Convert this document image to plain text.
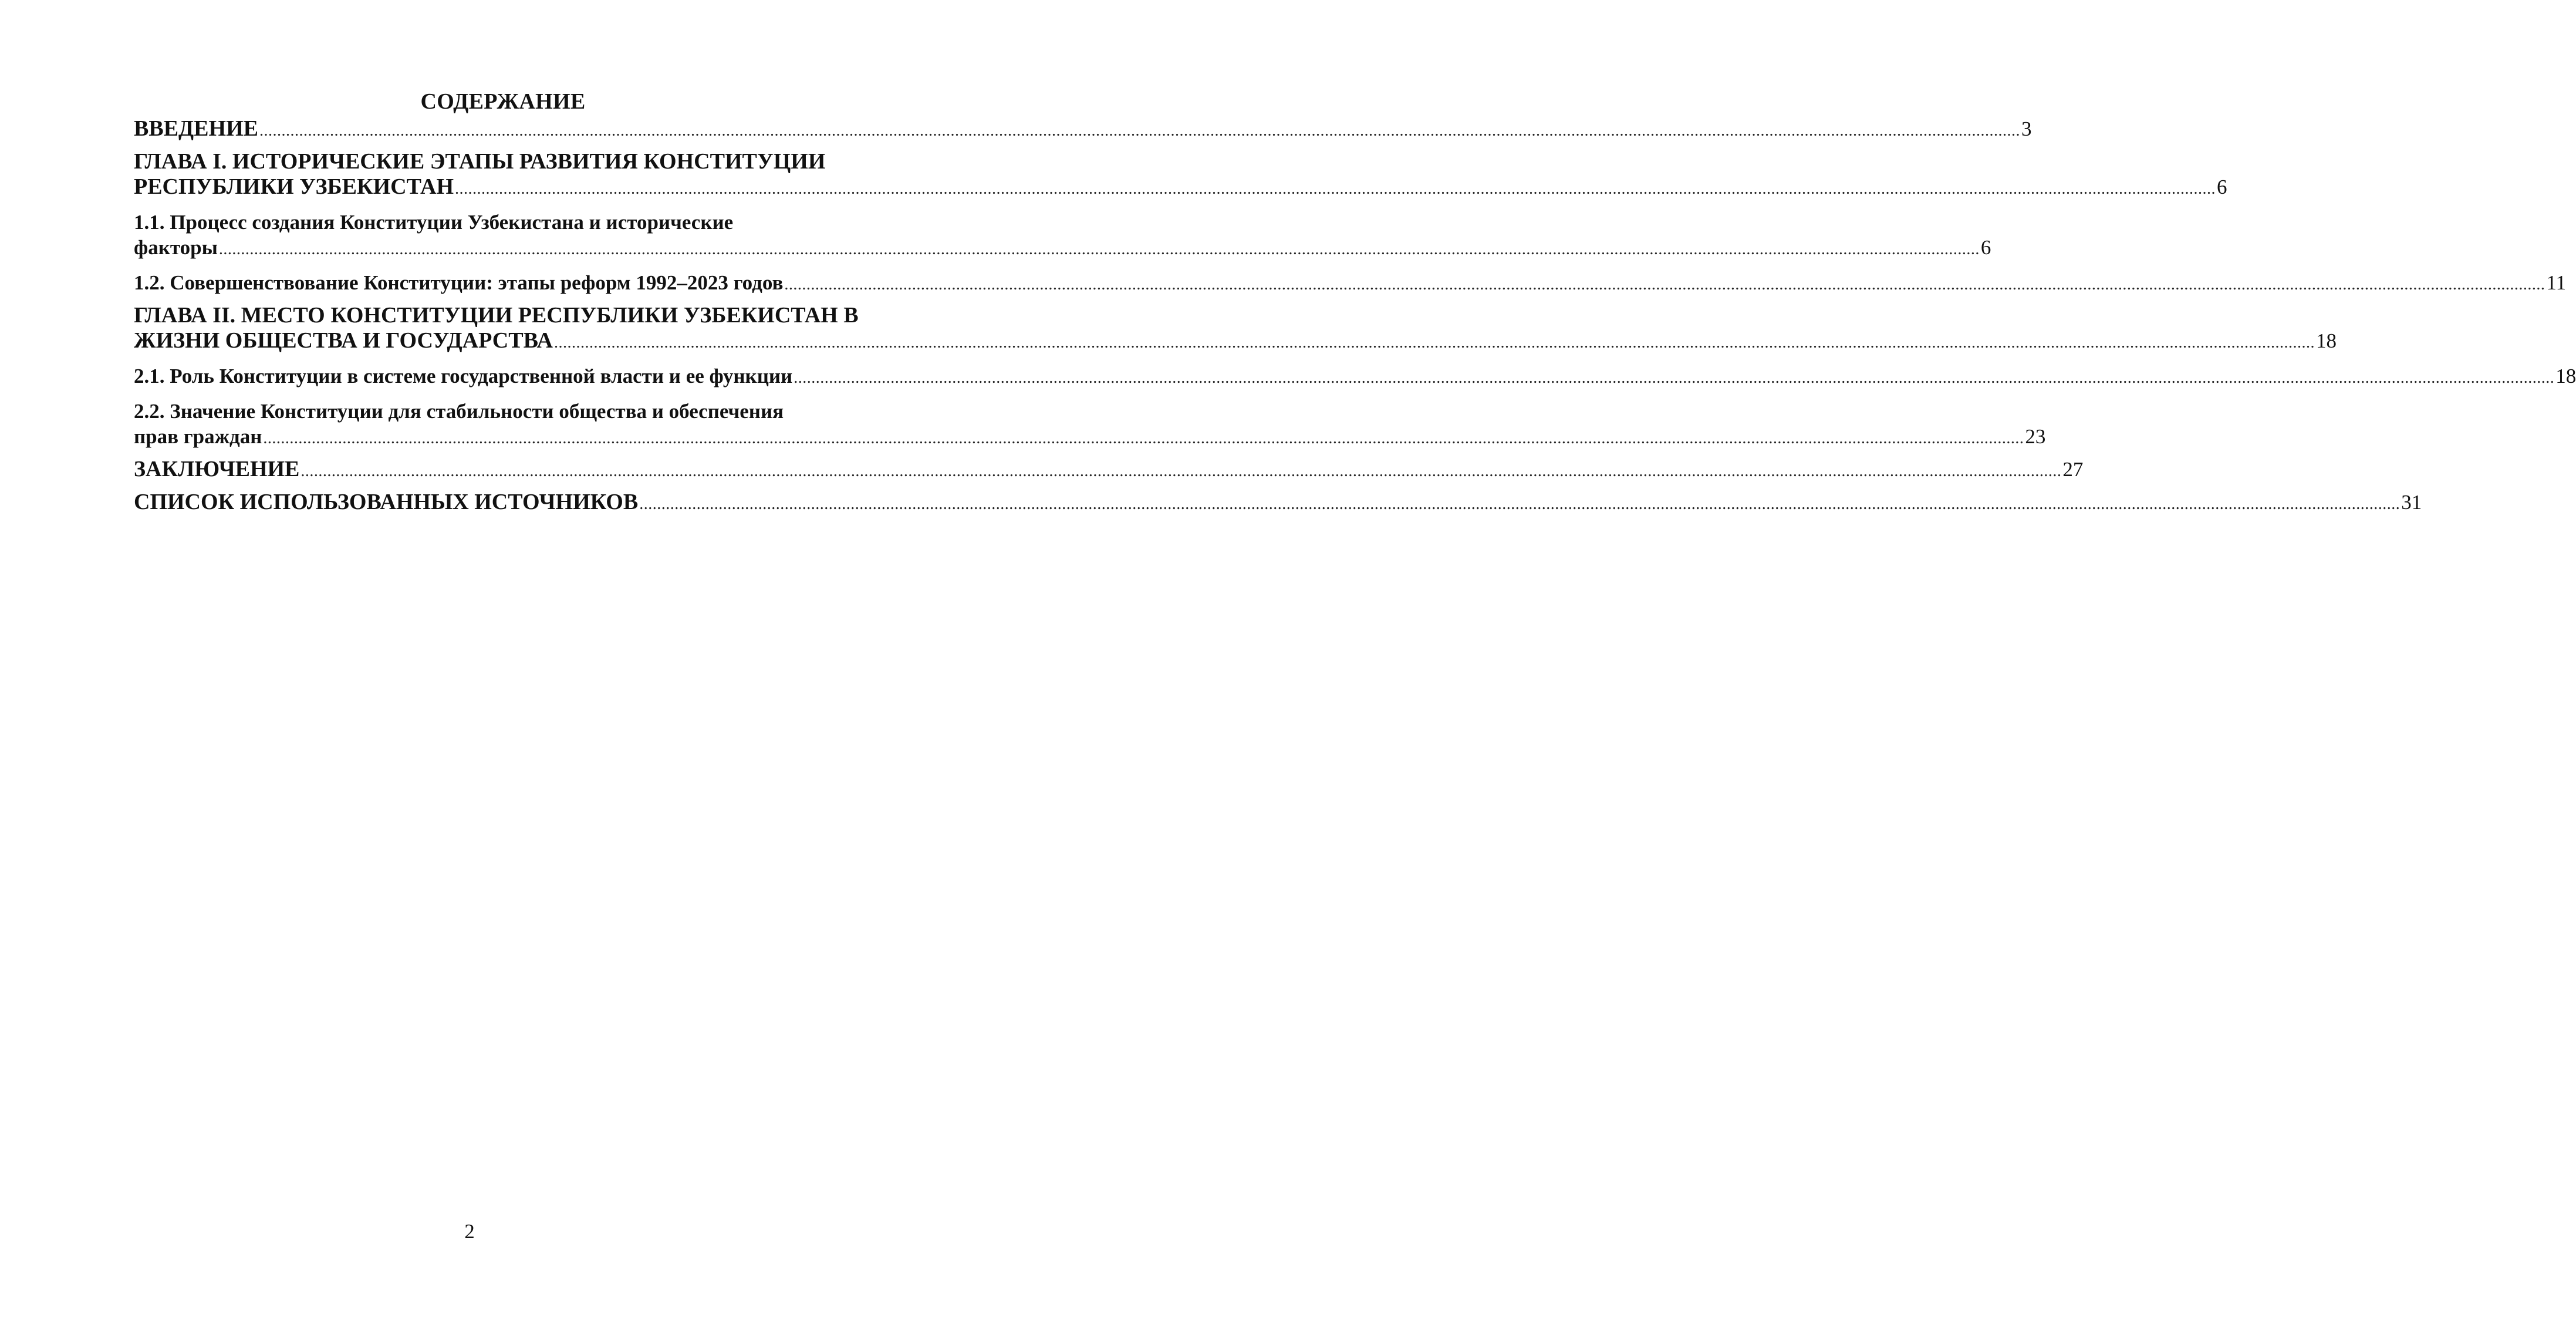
СОДЕРЖАНИЕ
ВВЕДЕНИЕ ................................................................................................................................................................................................................................................................................................................................................................................................................ 3
ГЛАВА I. ИСТОРИЧЕСКИЕ ЭТАПЫ РАЗВИТИЯ КОНСТИТУЦИИ
РЕСПУБЛИКИ УЗБЕКИСТАН ................................................................................................................................................................................................................................................................................................................................................................................................................ 6
1.1. Процесс создания Конституции Узбекистана и исторические
факторы ................................................................................................................................................................................................................................................................................................................................................................................................................ 6
1.2. Совершенствование Конституции: этапы реформ 1992–2023 годов ................................................................................................................................................................................................................................................................................................................................................................................................................ 11
ГЛАВА II. МЕСТО КОНСТИТУЦИИ РЕСПУБЛИКИ УЗБЕКИСТАН В
ЖИЗНИ ОБЩЕСТВА И ГОСУДАРСТВА ................................................................................................................................................................................................................................................................................................................................................................................................................ 18
2.1. Роль Конституции в системе государственной власти и ее функции ................................................................................................................................................................................................................................................................................................................................................................................................................ 18
2.2. Значение Конституции для стабильности общества и обеспечения
прав граждан ................................................................................................................................................................................................................................................................................................................................................................................................................ 23
ЗАКЛЮЧЕНИЕ ................................................................................................................................................................................................................................................................................................................................................................................................................ 27
СПИСОК ИСПОЛЬЗОВАННЫХ ИСТОЧНИКОВ ................................................................................................................................................................................................................................................................................................................................................................................................................ 31
2
